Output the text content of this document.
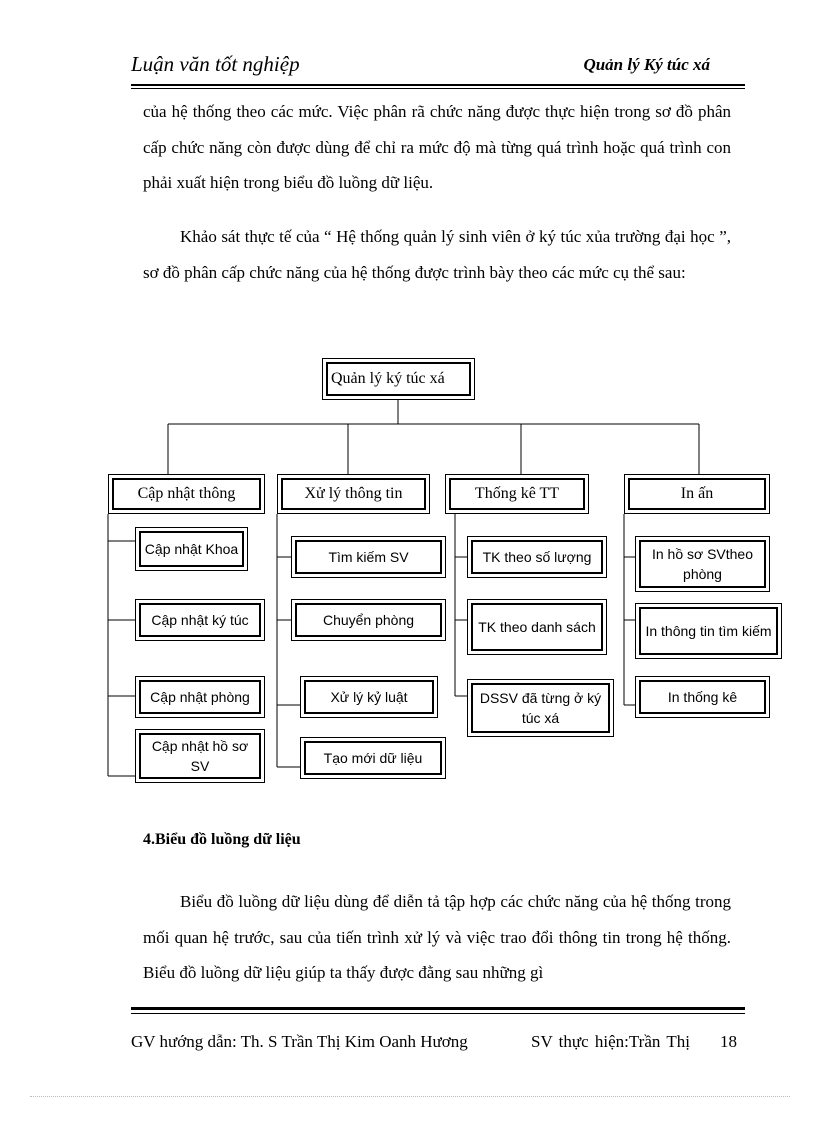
Luận văn tốt nghiệp	Quản lý Ký túc xá

của hệ thống theo các mức. Việc phân rã chức năng được thực hiện trong sơ đồ phân cấp chức năng còn được dùng để chỉ ra mức độ mà từng quá trình hoặc quá trình con phải xuất hiện trong biểu đồ luồng dữ liệu.

Khảo sát thực tế của “ Hệ thống quản lý sinh viên ở ký túc xủa trường đại học ”, sơ đồ phân cấp chức năng của hệ thống được trình bày theo các mức cụ thể sau:

Quản lý ký túc xá
Cập nhật thông	Xử lý thông tin	Thống kê TT	In ấn
Cập nhật Khoa
Cập nhật ký túc
Cập nhật phòng
Cập nhật hồ sơ SV
Tìm kiếm SV
Chuyển phòng
Xử lý kỷ luật
Tạo mới dữ liệu
TK theo số lượng
TK theo danh sách
DSSV đã từng ở ký túc xá
In hồ sơ SVtheo phòng
In thông tin tìm kiếm
In thống kê
4.Biểu đồ luồng dữ liệu

Biểu đồ luồng dữ liệu dùng để diễn tả tập hợp các chức năng của hệ thống trong mối quan hệ trước, sau của tiến trình xử lý và việc trao đổi thông tin trong hệ thống. Biểu đồ luồng dữ liệu giúp ta thấy được đằng sau những gì

GV hướng dẫn: Th. S Trần Thị Kim Oanh Hương	SV thực hiện:Trần Thị 18
